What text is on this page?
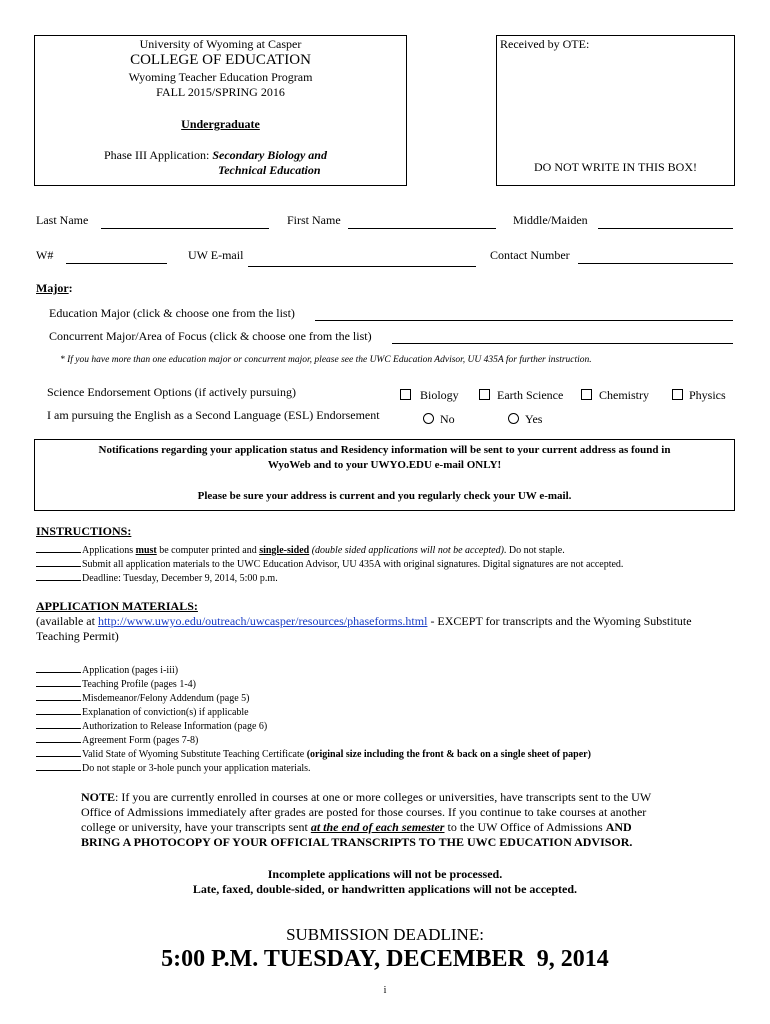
University of Wyoming at Casper
COLLEGE OF EDUCATION
Wyoming Teacher Education Program
FALL 2015/SPRING 2016
Undergraduate
Phase III Application: Secondary Biology and
Technical Education
Received by OTE:
DO NOT WRITE IN THIS BOX!
Last Name	First Name	Middle/Maiden
W#	UW E-mail	Contact Number
Major:
Education Major (click & choose one from the list)
Concurrent Major/Area of Focus (click & choose one from the list)
* If you have more than one education major or concurrent major, please see the UWC Education Advisor, UU 435A for further instruction.
Science Endorsement Options (if actively pursuing)	Biology	Earth Science	Chemistry	Physics
I am pursuing the English as a Second Language (ESL) Endorsement	No	Yes
Notifications regarding your application status and Residency information will be sent to your current address as found in
WyoWeb and to your UWYO.EDU e-mail ONLY!
Please be sure your address is current and you regularly check your UW e-mail.
INSTRUCTIONS:
Applications must be computer printed and single-sided (double sided applications will not be accepted). Do not staple.
Submit all application materials to the UWC Education Advisor, UU 435A with original signatures. Digital signatures are not accepted.
Deadline: Tuesday, December 9, 2014, 5:00 p.m.
APPLICATION MATERIALS:
(available at http://www.uwyo.edu/outreach/uwcasper/resources/phaseforms.html - EXCEPT for transcripts and the Wyoming Substitute
Teaching Permit)
Application (pages i-iii)
Teaching Profile (pages 1-4)
Misdemeanor/Felony Addendum (page 5)
Explanation of conviction(s) if applicable
Authorization to Release Information (page 6)
Agreement Form (pages 7-8)
Valid State of Wyoming Substitute Teaching Certificate (original size including the front & back on a single sheet of paper)
Do not staple or 3-hole punch your application materials.
NOTE: If you are currently enrolled in courses at one or more colleges or universities, have transcripts sent to the UW
Office of Admissions immediately after grades are posted for those courses. If you continue to take courses at another
college or university, have your transcripts sent at the end of each semester to the UW Office of Admissions AND
BRING A PHOTOCOPY OF YOUR OFFICIAL TRANSCRIPTS TO THE UWC EDUCATION ADVISOR.
Incomplete applications will not be processed.
Late, faxed, double-sided, or handwritten applications will not be accepted.
SUBMISSION DEADLINE:
5:00 P.M. TUESDAY, DECEMBER  9, 2014
i
